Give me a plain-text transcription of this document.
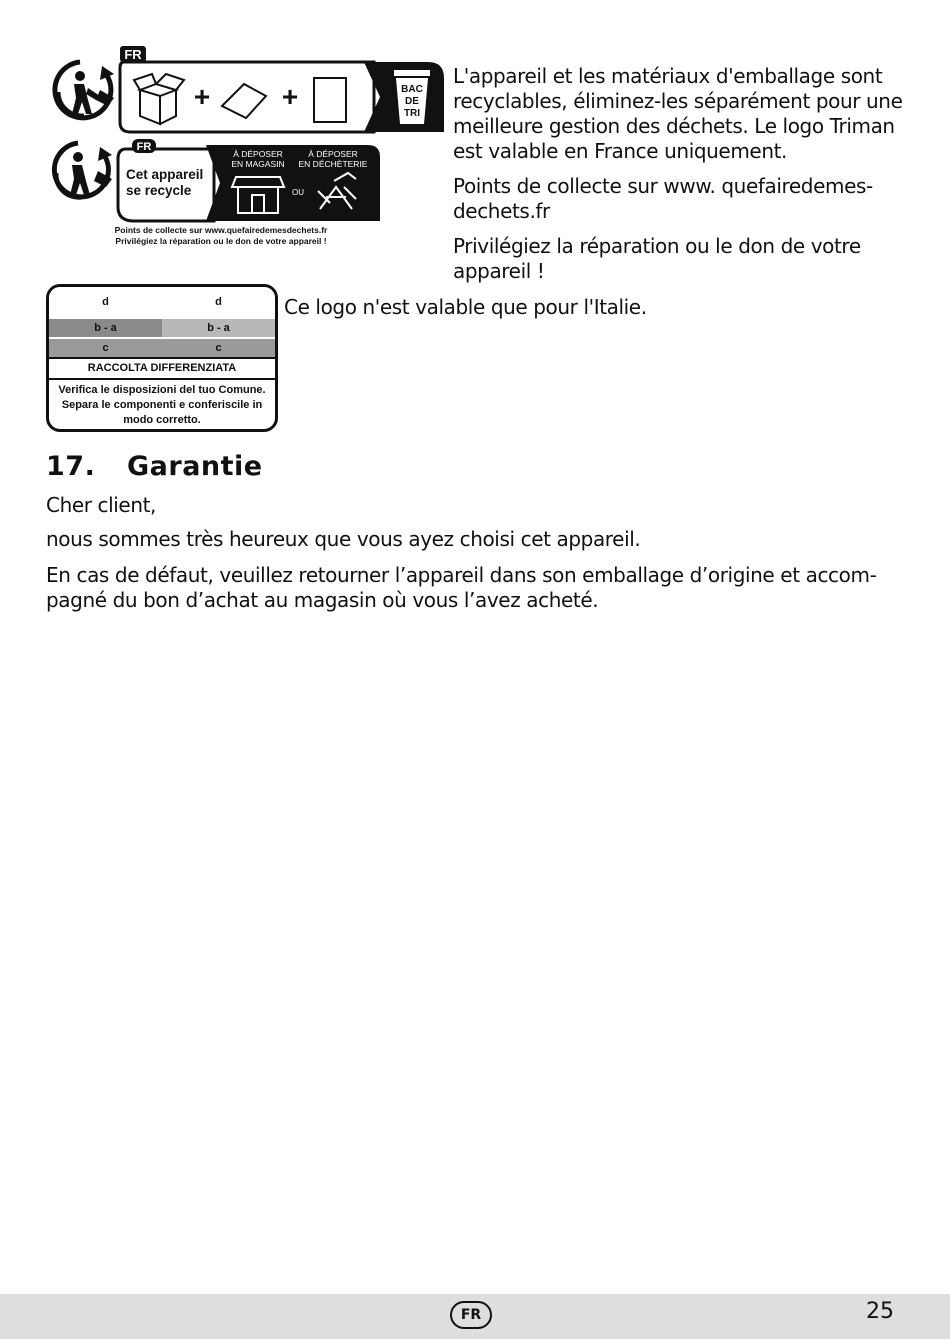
FR
+	+	BAC
DE
TRI
FR
Cet appareil
se recycle
À DÉPOSER
EN MAGASIN
À DÉPOSER
EN DÉCHÈTERIE
OU
Points de collecte sur www.quefairedemesdechets.fr
Privilégiez la réparation ou le don de votre appareil !

L'appareil et les matériaux d'emballage sont recyclables, éliminez-les séparément pour une meilleure gestion des déchets. Le logo Triman est valable en France uniquement.

Points de collecte sur www. quefairedemes-dechets.fr

Privilégiez la réparation ou le don de votre appareil !

d	d
b - a	b - a
c	c
RACCOLTA DIFFERENZIATA
Verifica le disposizioni del tuo Comune.
Separa le componenti e conferiscile in
modo corretto.
Ce logo n'est valable que pour l'Italie.
17. Garantie
Cher client,
nous sommes très heureux que vous ayez choisi cet appareil.
En cas de défaut, veuillez retourner l’appareil dans son emballage d’origine et accom-
pagné du bon d’achat au magasin où vous l’avez acheté.
FR	25
